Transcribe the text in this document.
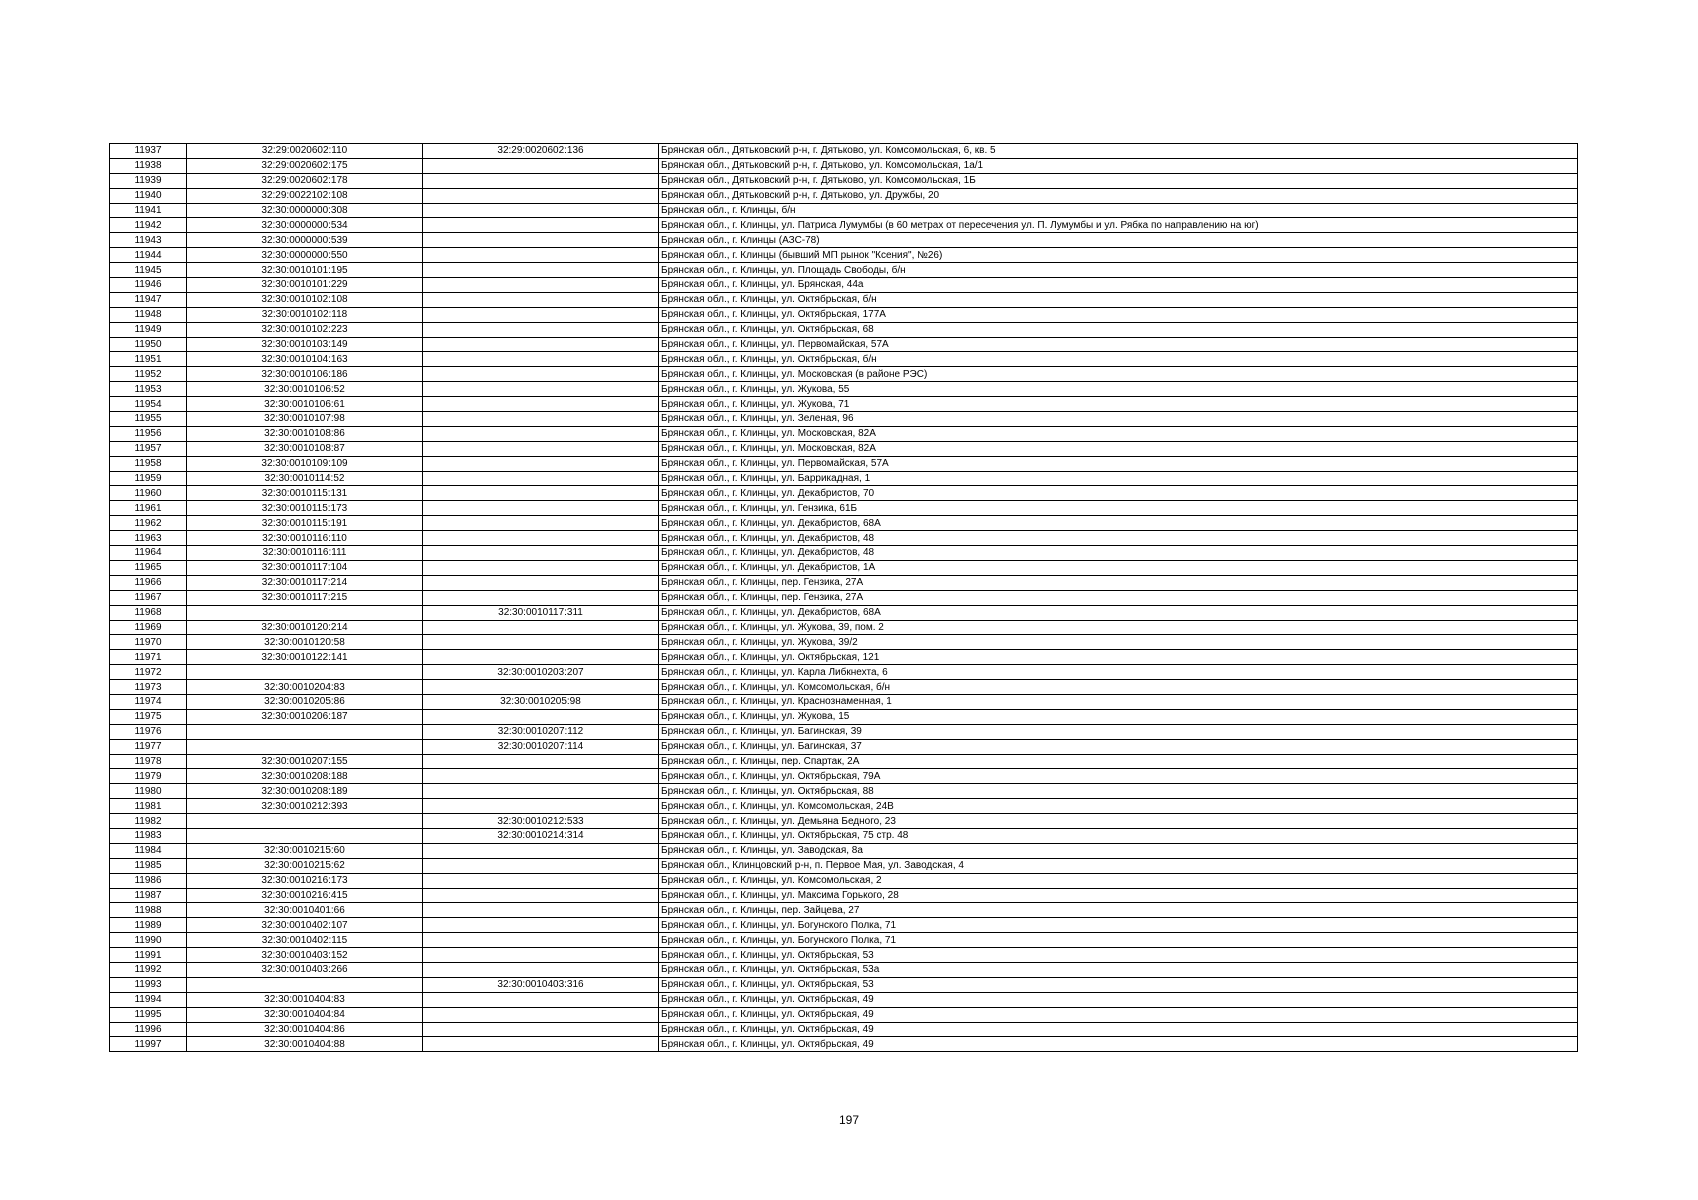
11937	32:29:0020602:110	32:29:0020602:136	Брянская обл., Дятьковский р-н, г. Дятьково, ул. Комсомольская, 6, кв. 5
11938	32:29:0020602:175		Брянская обл., Дятьковский р-н, г. Дятьково, ул. Комсомольская, 1а/1
11939	32:29:0020602:178		Брянская обл., Дятьковский р-н, г. Дятьково, ул. Комсомольская, 1Б
11940	32:29:0022102:108		Брянская обл., Дятьковский р-н, г. Дятьково, ул. Дружбы, 20
11941	32:30:0000000:308		Брянская обл., г. Клинцы, б/н
11942	32:30:0000000:534		Брянская обл., г. Клинцы, ул. Патриса Лумумбы (в 60 метрах от пересечения ул. П. Лумумбы и ул. Рябка по направлению на юг)
11943	32:30:0000000:539		Брянская обл., г. Клинцы (АЗС-78)
11944	32:30:0000000:550		Брянская обл., г. Клинцы (бывший МП рынок "Ксения", №26)
11945	32:30:0010101:195		Брянская обл., г. Клинцы, ул. Площадь Свободы, б/н
11946	32:30:0010101:229		Брянская обл., г. Клинцы, ул. Брянская, 44а
11947	32:30:0010102:108		Брянская обл., г. Клинцы, ул. Октябрьская, б/н
11948	32:30:0010102:118		Брянская обл., г. Клинцы, ул. Октябрьская, 177А
11949	32:30:0010102:223		Брянская обл., г. Клинцы, ул. Октябрьская, 68
11950	32:30:0010103:149		Брянская обл., г. Клинцы, ул. Первомайская, 57А
11951	32:30:0010104:163		Брянская обл., г. Клинцы, ул. Октябрьская, б/н
11952	32:30:0010106:186		Брянская обл., г. Клинцы, ул. Московская (в районе РЭС)
11953	32:30:0010106:52		Брянская обл., г. Клинцы, ул. Жукова, 55
11954	32:30:0010106:61		Брянская обл., г. Клинцы, ул. Жукова, 71
11955	32:30:0010107:98		Брянская обл., г. Клинцы, ул. Зеленая, 96
11956	32:30:0010108:86		Брянская обл., г. Клинцы, ул. Московская, 82А
11957	32:30:0010108:87		Брянская обл., г. Клинцы, ул. Московская, 82А
11958	32:30:0010109:109		Брянская обл., г. Клинцы, ул. Первомайская, 57А
11959	32:30:0010114:52		Брянская обл., г. Клинцы, ул. Баррикадная, 1
11960	32:30:0010115:131		Брянская обл., г. Клинцы, ул. Декабристов, 70
11961	32:30:0010115:173		Брянская обл., г. Клинцы, ул. Гензика, 61Б
11962	32:30:0010115:191		Брянская обл., г. Клинцы, ул. Декабристов, 68А
11963	32:30:0010116:110		Брянская обл., г. Клинцы, ул. Декабристов, 48
11964	32:30:0010116:111		Брянская обл., г. Клинцы, ул. Декабристов, 48
11965	32:30:0010117:104		Брянская обл., г. Клинцы, ул. Декабристов, 1А
11966	32:30:0010117:214		Брянская обл., г. Клинцы, пер. Гензика, 27А
11967	32:30:0010117:215		Брянская обл., г. Клинцы, пер. Гензика, 27А
11968		32:30:0010117:311	Брянская обл., г. Клинцы, ул. Декабристов, 68А
11969	32:30:0010120:214		Брянская обл., г. Клинцы, ул. Жукова, 39, пом. 2
11970	32:30:0010120:58		Брянская обл., г. Клинцы, ул. Жукова, 39/2
11971	32:30:0010122:141		Брянская обл., г. Клинцы, ул. Октябрьская, 121
11972		32:30:0010203:207	Брянская обл., г. Клинцы, ул. Карла Либкнехта, 6
11973	32:30:0010204:83		Брянская обл., г. Клинцы, ул. Комсомольская, б/н
11974	32:30:0010205:86	32:30:0010205:98	Брянская обл., г. Клинцы, ул. Краснознаменная, 1
11975	32:30:0010206:187		Брянская обл., г. Клинцы, ул. Жукова, 15
11976		32:30:0010207:112	Брянская обл., г. Клинцы, ул. Багинская, 39
11977		32:30:0010207:114	Брянская обл., г. Клинцы, ул. Багинская, 37
11978	32:30:0010207:155		Брянская обл., г. Клинцы, пер. Спартак, 2А
11979	32:30:0010208:188		Брянская обл., г. Клинцы, ул. Октябрьская, 79А
11980	32:30:0010208:189		Брянская обл., г. Клинцы, ул. Октябрьская, 88
11981	32:30:0010212:393		Брянская обл., г. Клинцы, ул. Комсомольская, 24В
11982		32:30:0010212:533	Брянская обл., г. Клинцы, ул. Демьяна Бедного, 23
11983		32:30:0010214:314	Брянская обл., г. Клинцы, ул. Октябрьская, 75 стр. 48
11984	32:30:0010215:60		Брянская обл., г. Клинцы, ул. Заводская, 8а
11985	32:30:0010215:62		Брянская обл., Клинцовский р-н, п. Первое Мая, ул. Заводская, 4
11986	32:30:0010216:173		Брянская обл., г. Клинцы, ул. Комсомольская, 2
11987	32:30:0010216:415		Брянская обл., г. Клинцы, ул. Максима Горького, 28
11988	32:30:0010401:66		Брянская обл., г. Клинцы, пер. Зайцева, 27
11989	32:30:0010402:107		Брянская обл., г. Клинцы, ул. Богунского Полка, 71
11990	32:30:0010402:115		Брянская обл., г. Клинцы, ул. Богунского Полка, 71
11991	32:30:0010403:152		Брянская обл., г. Клинцы, ул. Октябрьская, 53
11992	32:30:0010403:266		Брянская обл., г. Клинцы, ул. Октябрьская, 53а
11993		32:30:0010403:316	Брянская обл., г. Клинцы, ул. Октябрьская, 53
11994	32:30:0010404:83		Брянская обл., г. Клинцы, ул. Октябрьская, 49
11995	32:30:0010404:84		Брянская обл., г. Клинцы, ул. Октябрьская, 49
11996	32:30:0010404:86		Брянская обл., г. Клинцы, ул. Октябрьская, 49
11997	32:30:0010404:88		Брянская обл., г. Клинцы, ул. Октябрьская, 49
197
